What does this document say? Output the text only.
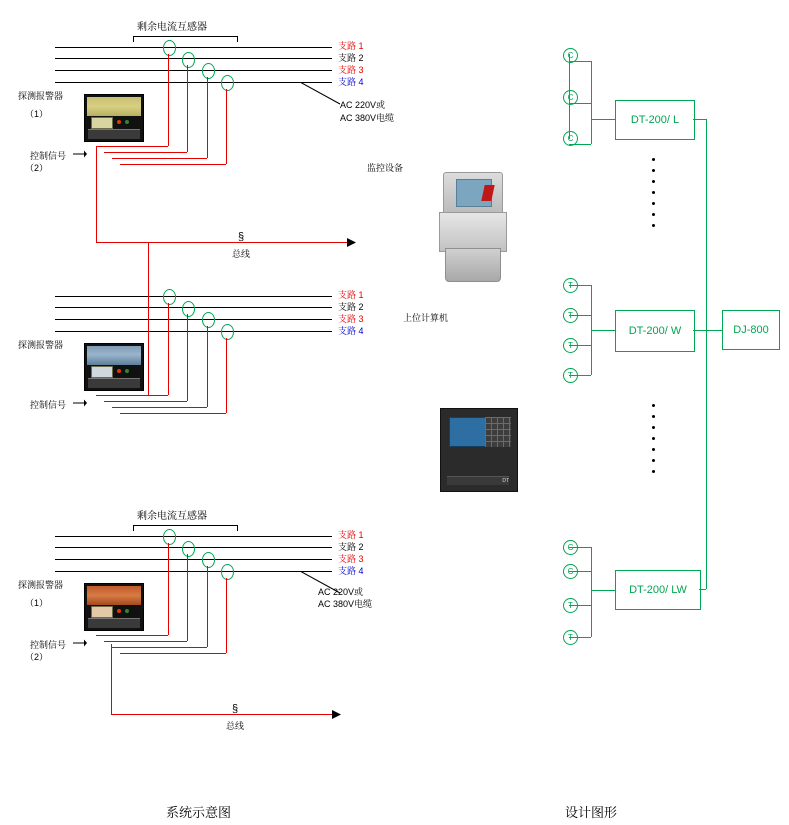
剩余电流互感器
支路 1
支路 2
支路 3
支路 4
AC 220V或
AC 380V电缆
探测报警器
（1）
（2）
控制信号
§
总线
支路 1
支路 2
支路 3
支路 4
探测报警器
控制信号
剩余电流互感器
支路 1
支路 2
支路 3
支路 4
AC 220V或
AC 380V电缆
探测报警器
（1）
（2）
控制信号
§
总线
监控设备
上位计算机
DT
C
C
C
DT-200/ L
T
T
T
T
DT-200/ W
C
C
T
T
DT-200/ LW
DJ-800
系统示意图	设计图形
